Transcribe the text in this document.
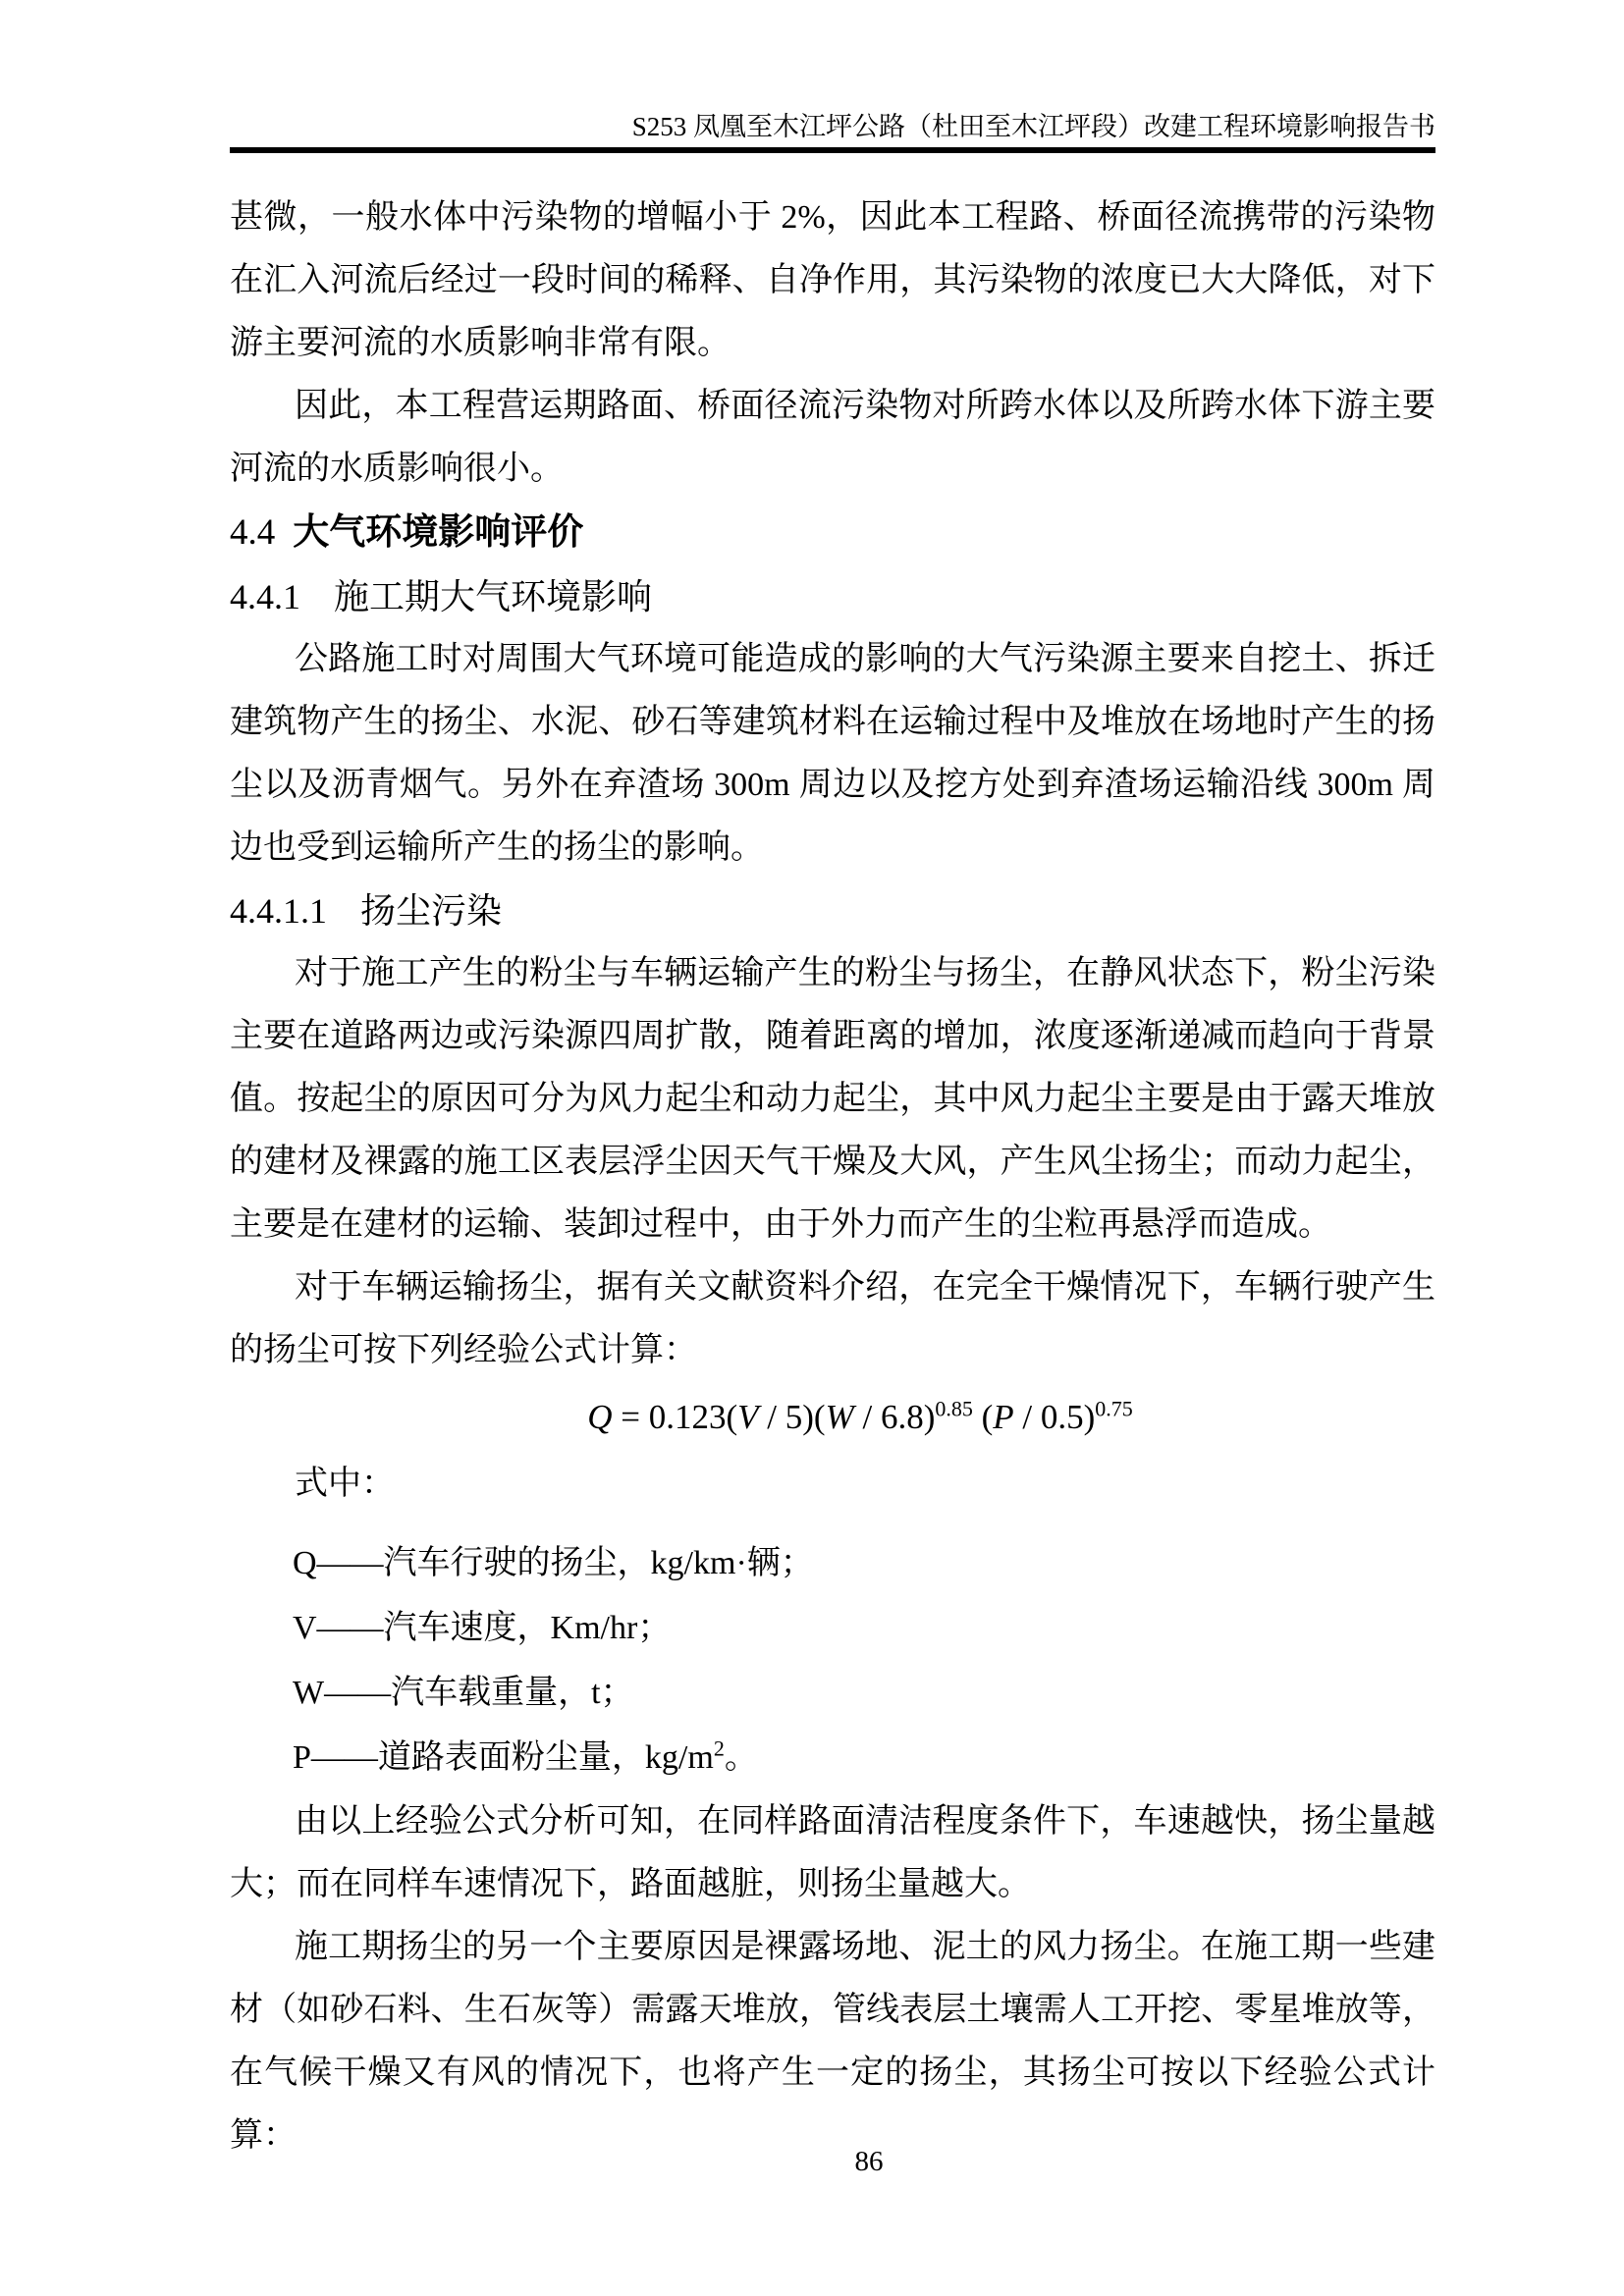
S253 凤凰至木江坪公路（杜田至木江坪段）改建工程环境影响报告书

甚微，一般水体中污染物的增幅小于 2%，因此本工程路、桥面径流携带的污染物在汇入河流后经过一段时间的稀释、自净作用，其污染物的浓度已大大降低，对下游主要河流的水质影响非常有限。

因此，本工程营运期路面、桥面径流污染物对所跨水体以及所跨水体下游主要河流的水质影响很小。

4.4 大气环境影响评价
4.4.1 施工期大气环境影响

公路施工时对周围大气环境可能造成的影响的大气污染源主要来自挖土、拆迁建筑物产生的扬尘、水泥、砂石等建筑材料在运输过程中及堆放在场地时产生的扬尘以及沥青烟气。另外在弃渣场 300m 周边以及挖方处到弃渣场运输沿线 300m 周边也受到运输所产生的扬尘的影响。

4.4.1.1 扬尘污染

对于施工产生的粉尘与车辆运输产生的粉尘与扬尘，在静风状态下，粉尘污染主要在道路两边或污染源四周扩散，随着距离的增加，浓度逐渐递减而趋向于背景值。按起尘的原因可分为风力起尘和动力起尘，其中风力起尘主要是由于露天堆放的建材及裸露的施工区表层浮尘因天气干燥及大风，产生风尘扬尘；而动力起尘，主要是在建材的运输、装卸过程中，由于外力而产生的尘粒再悬浮而造成。

对于车辆运输扬尘，据有关文献资料介绍，在完全干燥情况下，车辆行驶产生的扬尘可按下列经验公式计算：

Q = 0.123(V / 5)(W / 6.8)$^{0.85}$ (P / 0.5)$^{0.75}$

式中：

Q——汽车行驶的扬尘，kg/km·辆；
V——汽车速度，Km/hr；
W——汽车载重量，t；
P——道路表面粉尘量，$kg/m^2$。

由以上经验公式分析可知，在同样路面清洁程度条件下，车速越快，扬尘量越大；而在同样车速情况下，路面越脏，则扬尘量越大。

施工期扬尘的另一个主要原因是裸露场地、泥土的风力扬尘。在施工期一些建材（如砂石料、生石灰等）需露天堆放，管线表层土壤需人工开挖、零星堆放等，在气候干燥又有风的情况下，也将产生一定的扬尘，其扬尘可按以下经验公式计算：

86
